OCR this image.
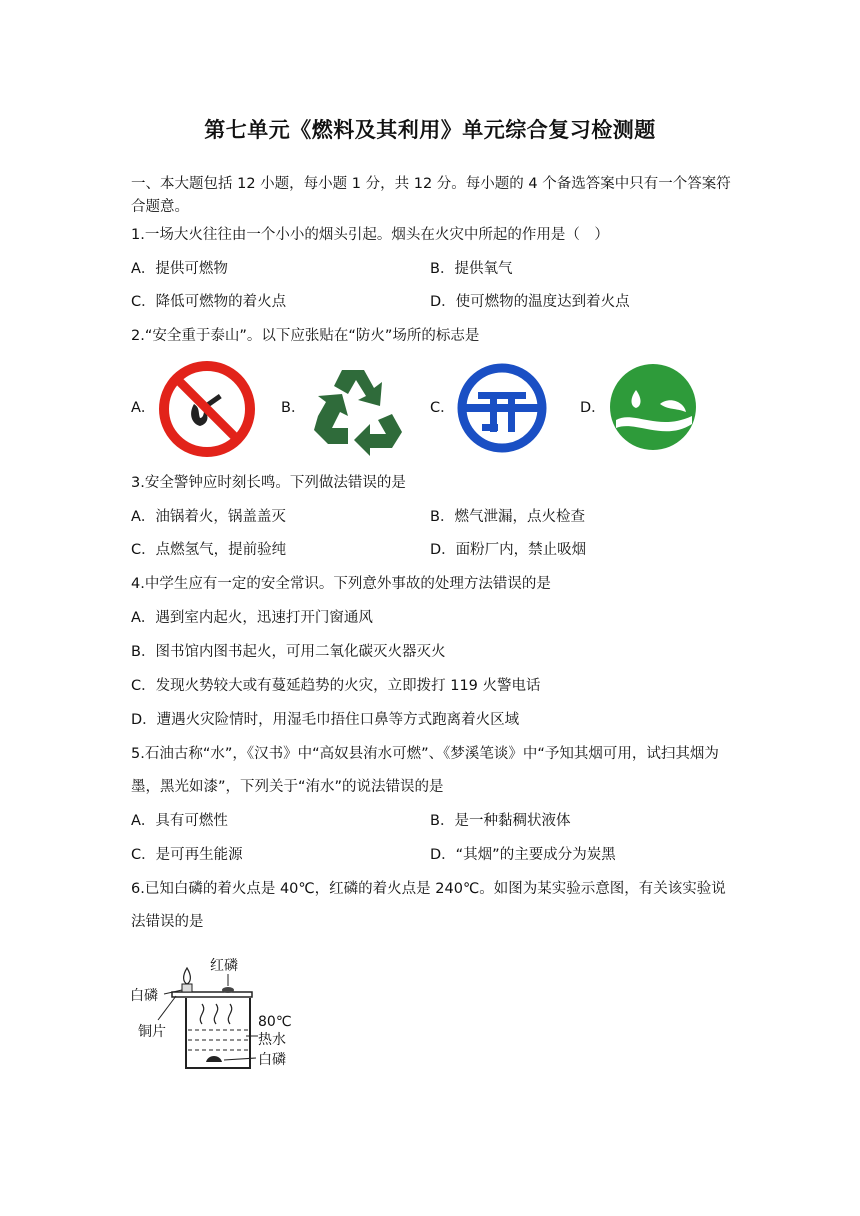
第七单元《燃料及其利用》单元综合复习检测题
一、本大题包括 12 小题，每小题 1 分，共 12 分。每小题的 4 个备选答案中只有一个答案符
合题意。
1.一场大火往往由一个小小的烟头引起。烟头在火灾中所起的作用是（　）
A．提供可燃物	B．提供氧气
C．降低可燃物的着火点	D．使可燃物的温度达到着火点
2.“安全重于泰山”。以下应张贴在“防火”场所的标志是
A．	B．	C．	D．
3.安全警钟应时刻长鸣。下列做法错误的是
A．油锅着火，锅盖盖灭	B．燃气泄漏，点火检查
C．点燃氢气，提前验纯	D．面粉厂内，禁止吸烟
4.中学生应有一定的安全常识。下列意外事故的处理方法错误的是
A．遇到室内起火，迅速打开门窗通风
B．图书馆内图书起火，可用二氧化碳灭火器灭火
C．发现火势较大或有蔓延趋势的火灾，立即拨打 119 火警电话
D．遭遇火灾险情时，用湿毛巾捂住口鼻等方式跑离着火区域
5.石油古称“水”，《汉书》中“高奴县洧水可燃”、《梦溪笔谈》中“予知其烟可用，试扫其烟为
墨，黑光如漆”，下列关于“洧水”的说法错误的是
A．具有可燃性	B．是一种黏稠状液体
C．是可再生能源	D．“其烟”的主要成分为炭黑
6.已知白磷的着火点是 40℃，红磷的着火点是 240℃。如图为某实验示意图，有关该实验说
法错误的是
红磷
白磷
铜片
80℃
热水
白磷
